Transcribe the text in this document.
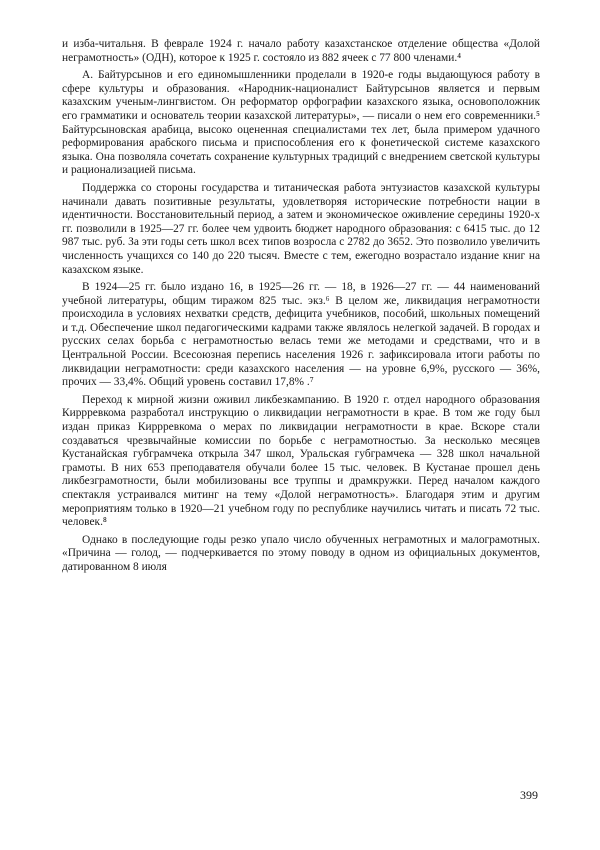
и изба-читальня. В феврале 1924 г. начало работу казахстанское отделение общества «Долой неграмотность» (ОДН), которое к 1925 г. состояло из 882 ячеек с 77 800 членами.⁴

А. Байтурсынов и его единомышленники проделали в 1920-е годы выдающуюся работу в сфере культуры и образования. «Народник-националист Байтурсынов является и первым казахским ученым-лингвистом. Он реформатор орфографии казахского языка, основоположник его грамматики и основатель теории казахской литературы», — писали о нем его современники.⁵ Байтурсыновская арабица, высоко оцененная специалистами тех лет, была примером удачного реформирования арабского письма и приспособления его к фонетической системе казахского языка. Она позволяла сочетать сохранение культурных традиций с внедрением светской культуры и рационализацией письма.

Поддержка со стороны государства и титаническая работа энтузиастов казахской культуры начинали давать позитивные результаты, удовлетворяя исторические потребности нации в идентичности. Восстановительный период, а затем и экономическое оживление середины 1920-х гг. позволили в 1925—27 гг. более чем удвоить бюджет народного образования: с 6415 тыс. до 12 987 тыс. руб. За эти годы сеть школ всех типов возросла с 2782 до 3652. Это позволило увеличить численность учащихся со 140 до 220 тысяч. Вместе с тем, ежегодно возрастало издание книг на казахском языке.

В 1924—25 гг. было издано 16, в 1925—26 гг. — 18, в 1926—27 гг. — 44 наименований учебной литературы, общим тиражом 825 тыс. экз.⁶ В целом же, ликвидация неграмотности происходила в условиях нехватки средств, дефицита учебников, пособий, школьных помещений и т.д. Обеспечение школ педагогическими кадрами также являлось нелегкой задачей. В городах и русских селах борьба с неграмотностью велась теми же методами и средствами, что и в Центральной России. Всесоюзная перепись населения 1926 г. зафиксировала итоги работы по ликвидации неграмотности: среди казахского населения — на уровне 6,9%, русского — 36%, прочих — 33,4%. Общий уровень составил 17,8% .⁷

Переход к мирной жизни оживил ликбезкампанию. В 1920 г. отдел народного образования Киррревкома разработал инструкцию о ликвидации неграмотности в крае. В том же году был издан приказ Киррревкома о мерах по ликвидации неграмотности в крае. Вскоре стали создаваться чрезвычайные комиссии по борьбе с неграмотностью. За несколько месяцев Кустанайская губграмчека открыла 347 школ, Уральская губграмчека — 328 школ начальной грамоты. В них 653 преподавателя обучали более 15 тыс. человек. В Кустанае прошел день ликбезграмотности, были мобилизованы все труппы и драмкружки. Перед началом каждого спектакля устраивался митинг на тему «Долой неграмотность». Благодаря этим и другим мероприятиям только в 1920—21 учебном году по республике научились читать и писать 72 тыс. человек.⁸

Однако в последующие годы резко упало число обученных неграмотных и малограмотных. «Причина — голод, — подчеркивается по этому поводу в одном из официальных документов, датированном 8 июля

399
